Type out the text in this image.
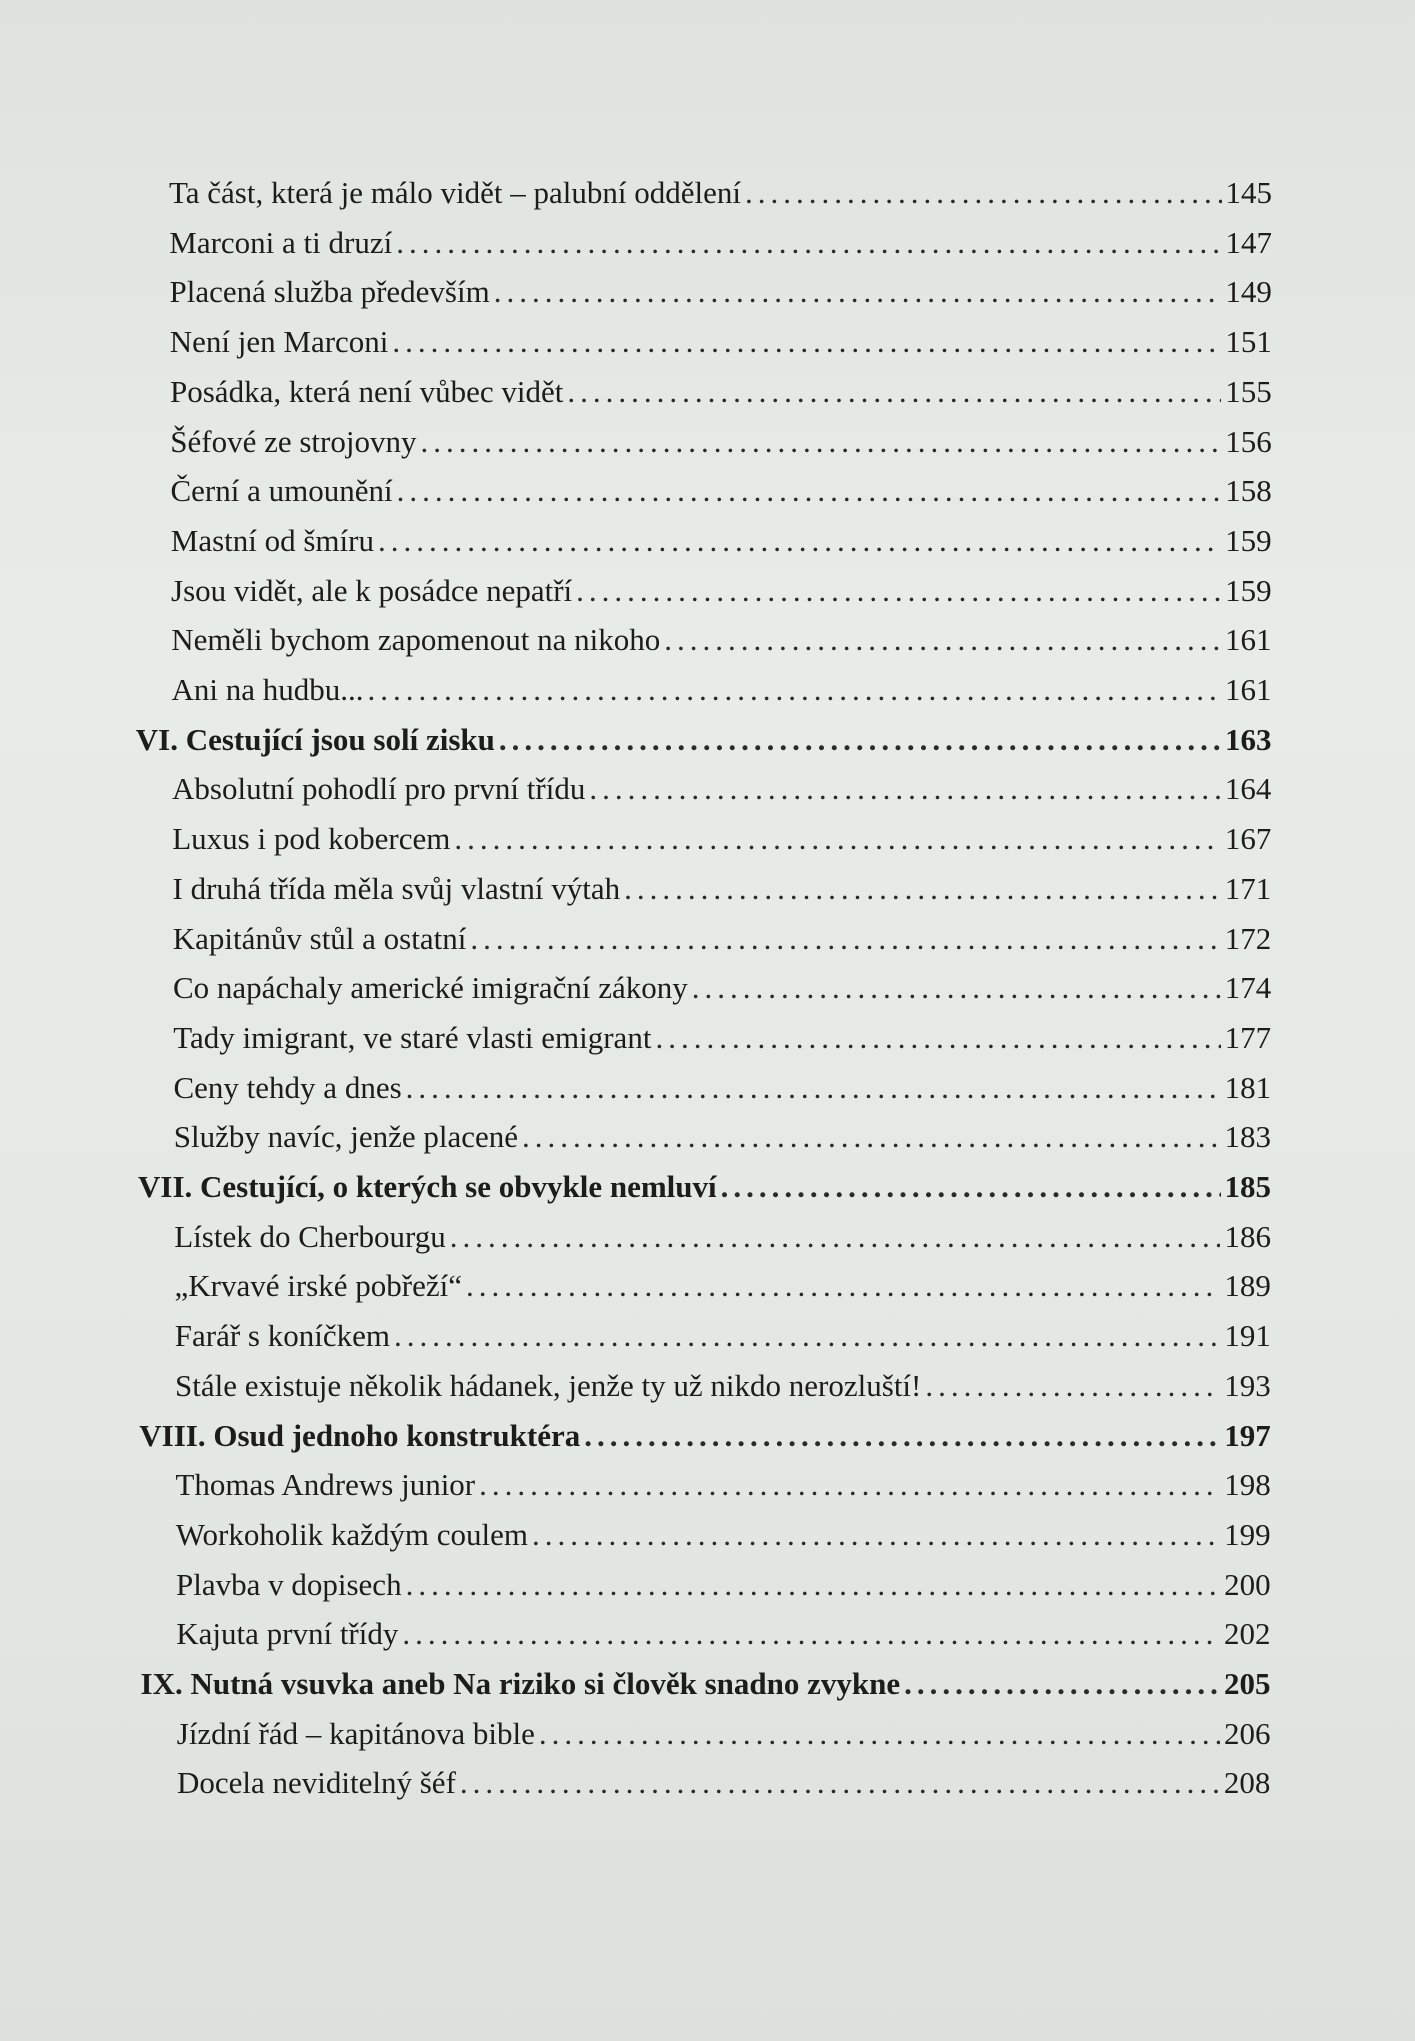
Ta část, která je málo vidět – palubní oddělení .....	145
Marconi a ti druzí .....	147
Placená služba především .....	149
Není jen Marconi .....	151
Posádka, která není vůbec vidět .....	155
Šéfové ze strojovny .....	156
Černí a umounění .....	158
Mastní od šmíru .....	159
Jsou vidět, ale k posádce nepatří .....	159
Neměli bychom zapomenout na nikoho .....	161
Ani na hudbu... .....	161
VI. Cestující jsou solí zisku .....	163
Absolutní pohodlí pro první třídu .....	164
Luxus i pod kobercem .....	167
I druhá třída měla svůj vlastní výtah .....	171
Kapitánův stůl a ostatní .....	172
Co napáchaly americké imigrační zákony .....	174
Tady imigrant, ve staré vlasti emigrant .....	177
Ceny tehdy a dnes .....	181
Služby navíc, jenže placené .....	183
VII. Cestující, o kterých se obvykle nemluví .....	185
Lístek do Cherbourgu .....	186
„Krvavé irské pobřeží“ .....	189
Farář s koníčkem .....	191
Stále existuje několik hádanek, jenže ty už nikdo nerozluští! .....	193
VIII. Osud jednoho konstruktéra .....	197
Thomas Andrews junior .....	198
Workoholik každým coulem .....	199
Plavba v dopisech .....	200
Kajuta první třídy .....	202
IX. Nutná vsuvka aneb Na riziko si člověk snadno zvykne .....	205
Jízdní řád – kapitánova bible .....	206
Docela neviditelný šéf .....	208
